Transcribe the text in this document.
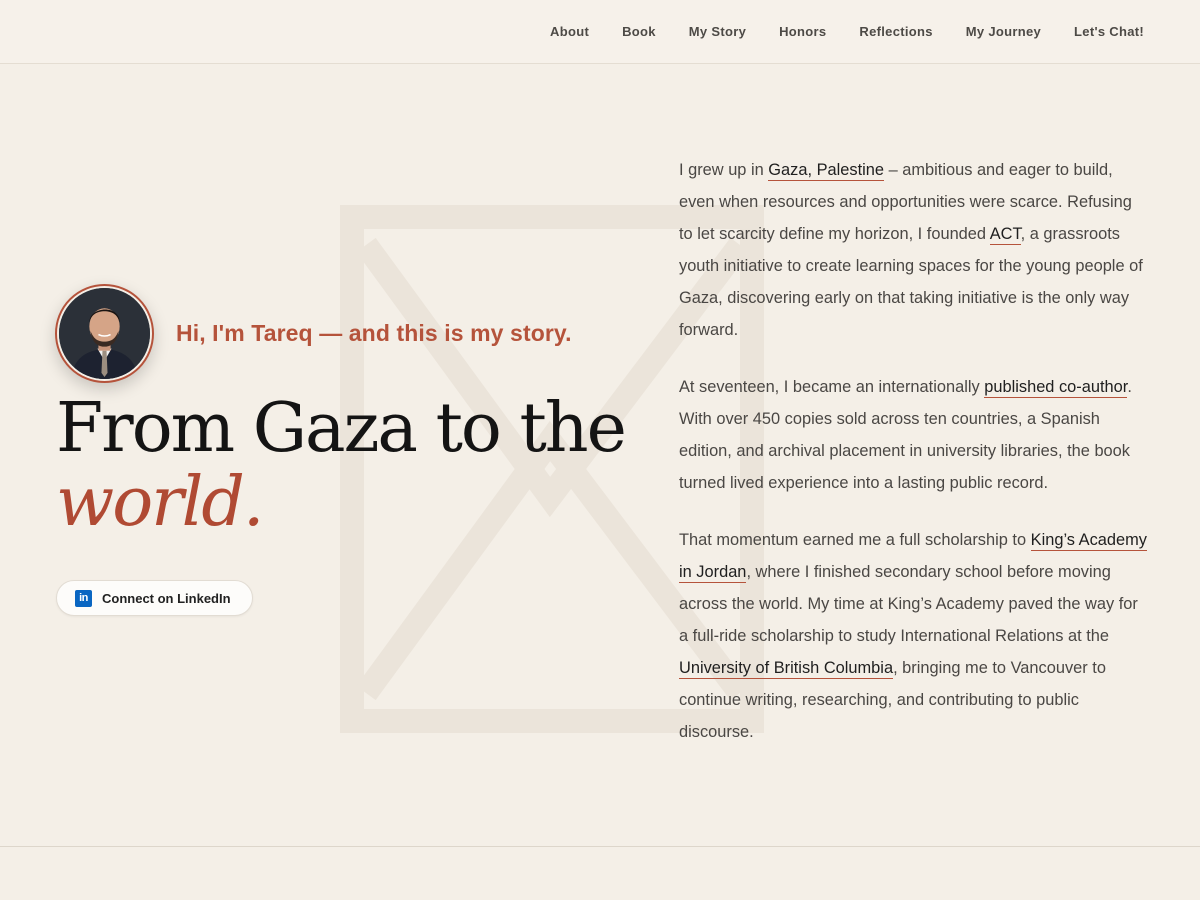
About	Book	My Story	Honors	Reflections	My Journey	Let's Chat!
Hi, I'm Tareq — and this is my story.
From Gaza to the
world.
in	Connect on LinkedIn

I grew up in Gaza, Palestine – ambitious and eager to build, even when resources and opportunities were scarce. Refusing to let scarcity define my horizon, I founded ACT, a grassroots youth initiative to create learning spaces for the young people of Gaza, discovering early on that taking initiative is the only way forward.

At seventeen, I became an internationally published co-author. With over 450 copies sold across ten countries, a Spanish edition, and archival placement in university libraries, the book turned lived experience into a lasting public record.

That momentum earned me a full scholarship to King’s Academy in Jordan, where I finished secondary school before moving across the world. My time at King’s Academy paved the way for a full-ride scholarship to study International Relations at the University of British Columbia, bringing me to Vancouver to continue writing, researching, and contributing to public discourse.
